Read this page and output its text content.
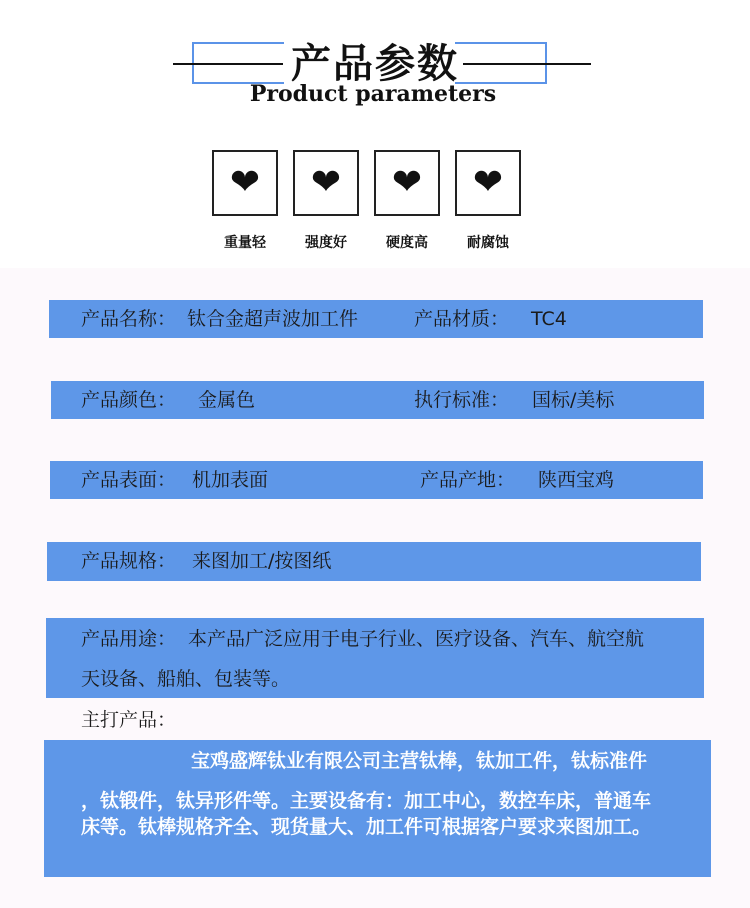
产品参数
Product parameters
❤
重量轻
❤
强度好
❤
硬度高
❤
耐腐蚀
产品名称： 钛合金超声波加工件	产品材质： TC4
产品颜色： 金属色	执行标准： 国标/美标
产品表面： 机加表面	产品产地： 陕西宝鸡
产品规格： 来图加工/按图纸
产品用途： 本产品广泛应用于电子行业、医疗设备、汽车、航空航
天设备、船舶、包装等。
主打产品：
宝鸡盛辉钛业有限公司主营钛棒，钛加工件，钛标准件
，钛锻件，钛异形件等。主要设备有：加工中心，数控车床，普通车
床等。钛棒规格齐全、现货量大、加工件可根据客户要求来图加工。
